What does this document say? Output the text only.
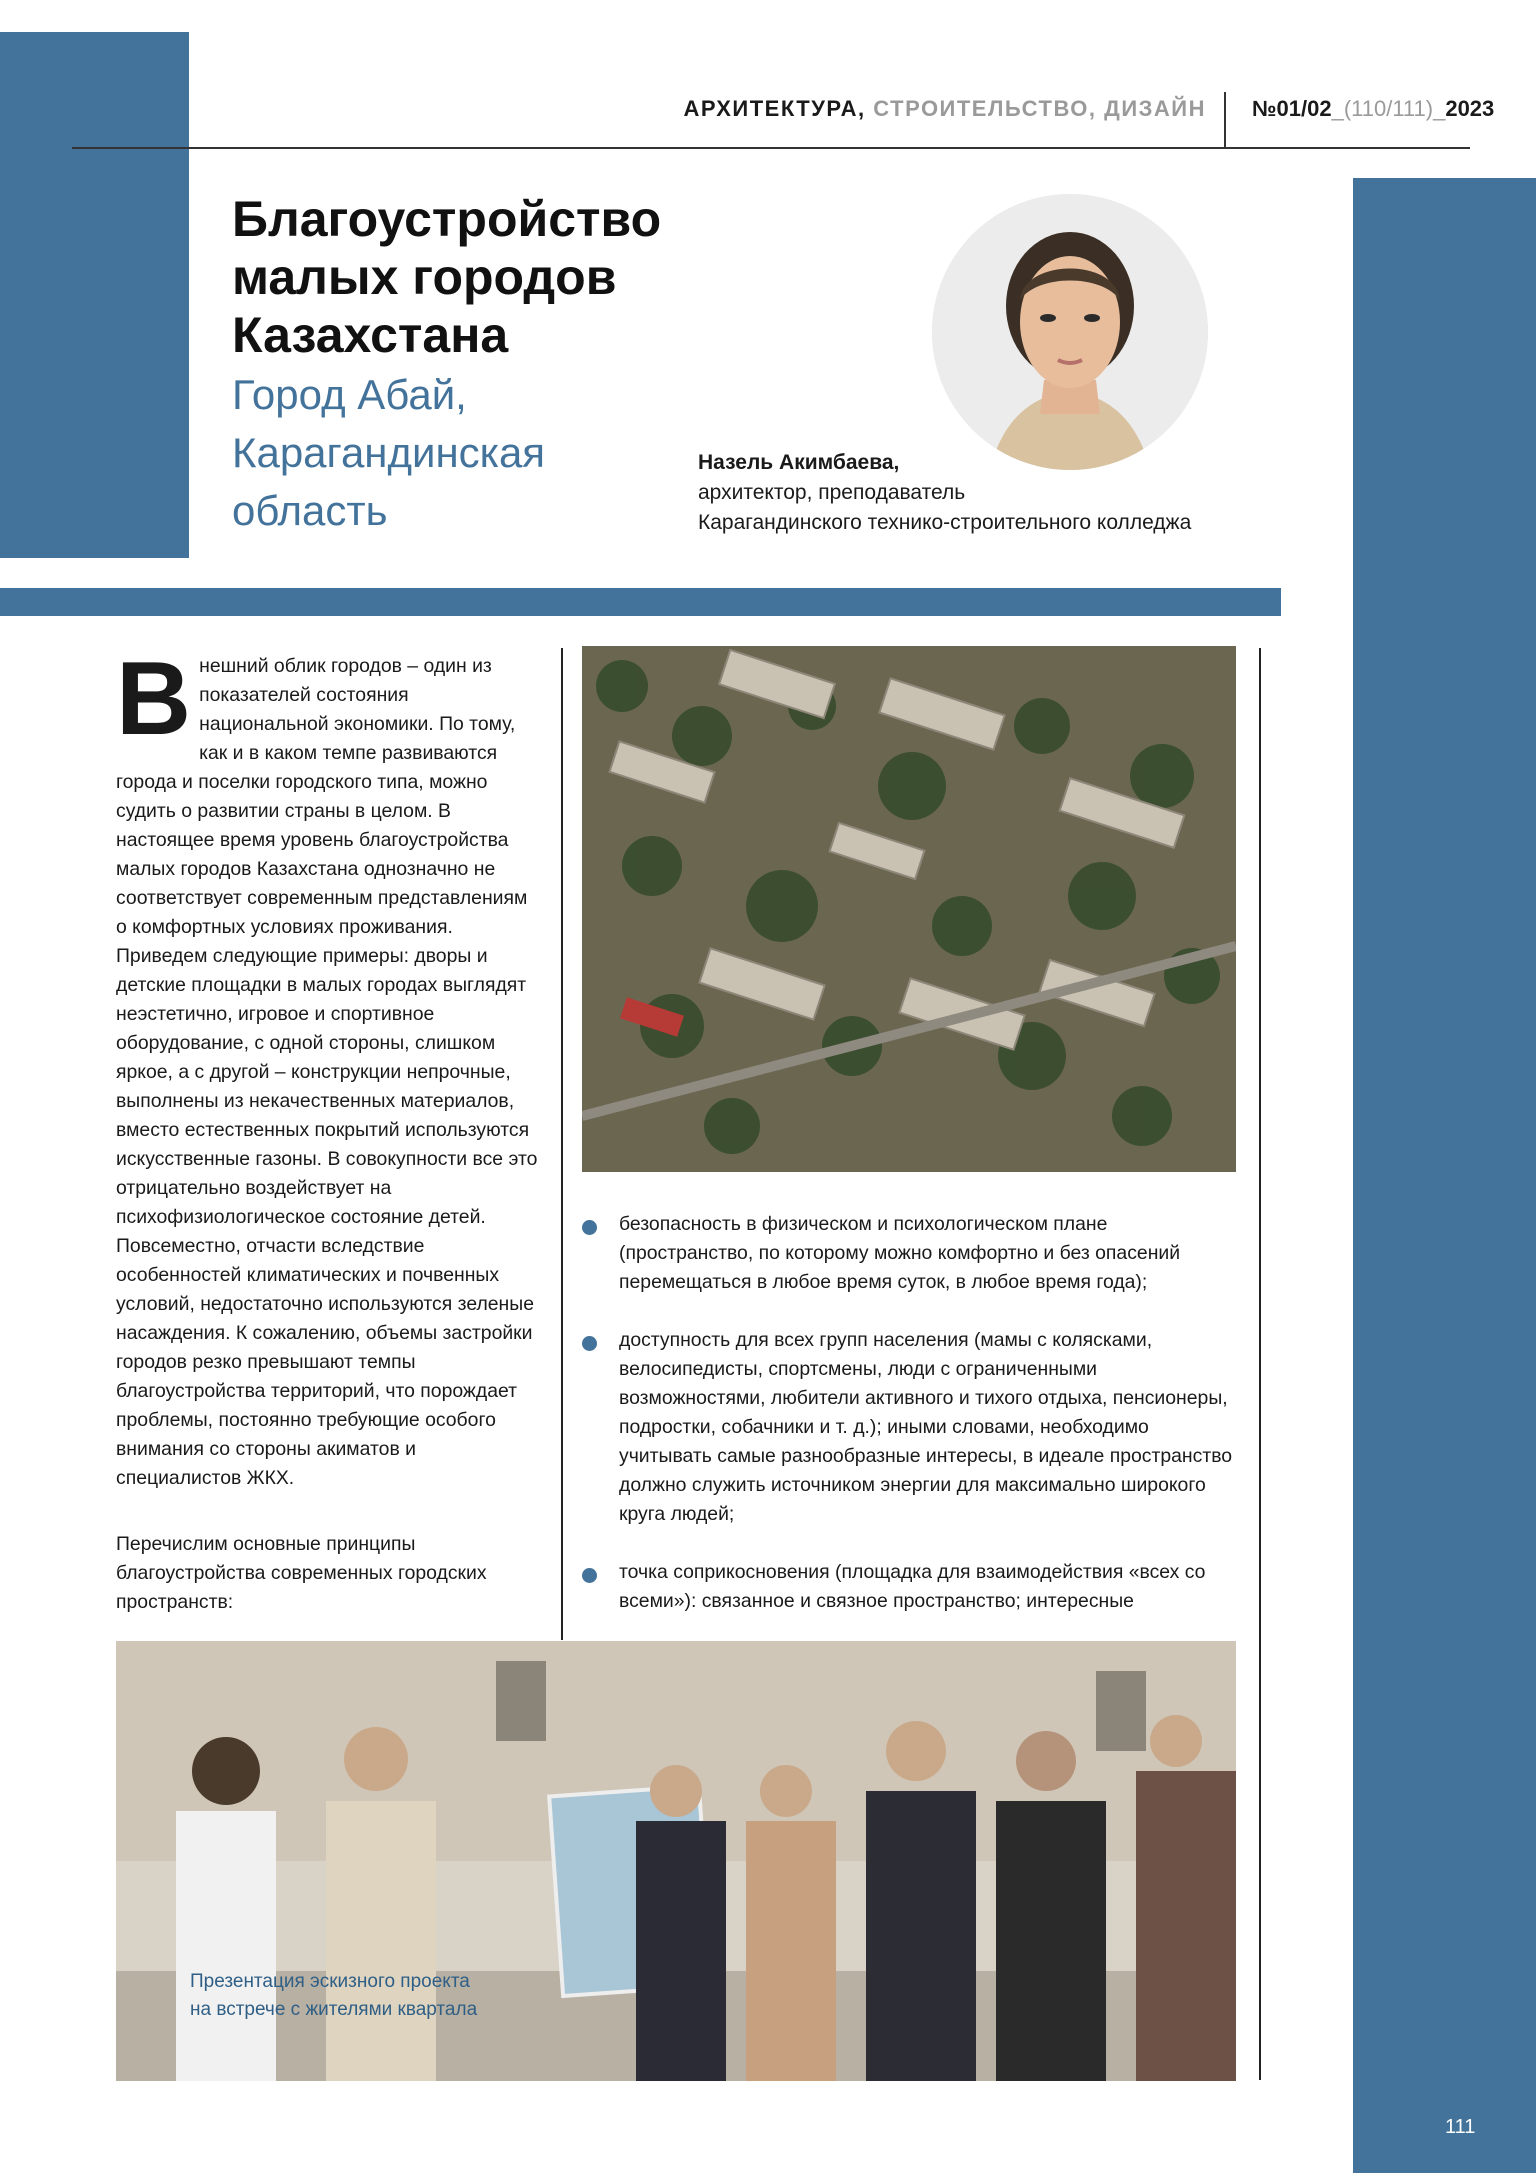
АРХИТЕКТУРА, СТРОИТЕЛЬСТВО, ДИЗАЙН №01/02_(110/111)_2023
Благоустройство
малых городов
Казахстана
Город Абай,
Карагандинская
область
Назель Акимбаева,
архитектор, преподаватель
Карагандинского технико-строительного колледжа

Внешний облик городов – один из показателей состояния национальной экономики. По тому, как и в каком темпе развиваются города и поселки городского типа, можно судить о развитии страны в целом. В настоящее время уровень благоустройства малых городов Казахстана однозначно не соответствует современным представлениям о комфортных условиях проживания. Приведем следующие примеры: дворы и детские площадки в малых городах выглядят неэстетично, игровое и спортивное оборудование, с одной стороны, слишком яркое, а с другой – конструкции непрочные, выполнены из некачественных материалов, вместо естественных покрытий используются искусственные газоны. В совокупности все это отрицательно воздействует на психофизиологическое состояние детей. Повсеместно, отчасти вследствие особенностей климатических и почвенных условий, недостаточно используются зеленые насаждения. К сожалению, объемы застройки городов резко превышают темпы благоустройства территорий, что порождает проблемы, постоянно требующие особого внимания со стороны акиматов и специалистов ЖКХ.

Перечислим основные принципы благоустройства современных городских пространств:

безопасность в физическом и психологическом плане (пространство, по которому можно комфортно и без опасений перемещаться в любое время суток, в любое время года);
доступность для всех групп населения (мамы с колясками, велосипедисты, спортсмены, люди с ограниченными возможностями, любители активного и тихого отдыха, пенсионеры, подростки, собачники и т. д.); иными словами, необходимо учитывать самые разнообразные интересы, в идеале пространство должно служить источником энергии для максимально широкого круга людей;
точка соприкосновения (площадка для взаимодействия «всех со всеми»): связанное и связное пространство; интересные
Презентация эскизного проекта
на встрече с жителями квартала
111
